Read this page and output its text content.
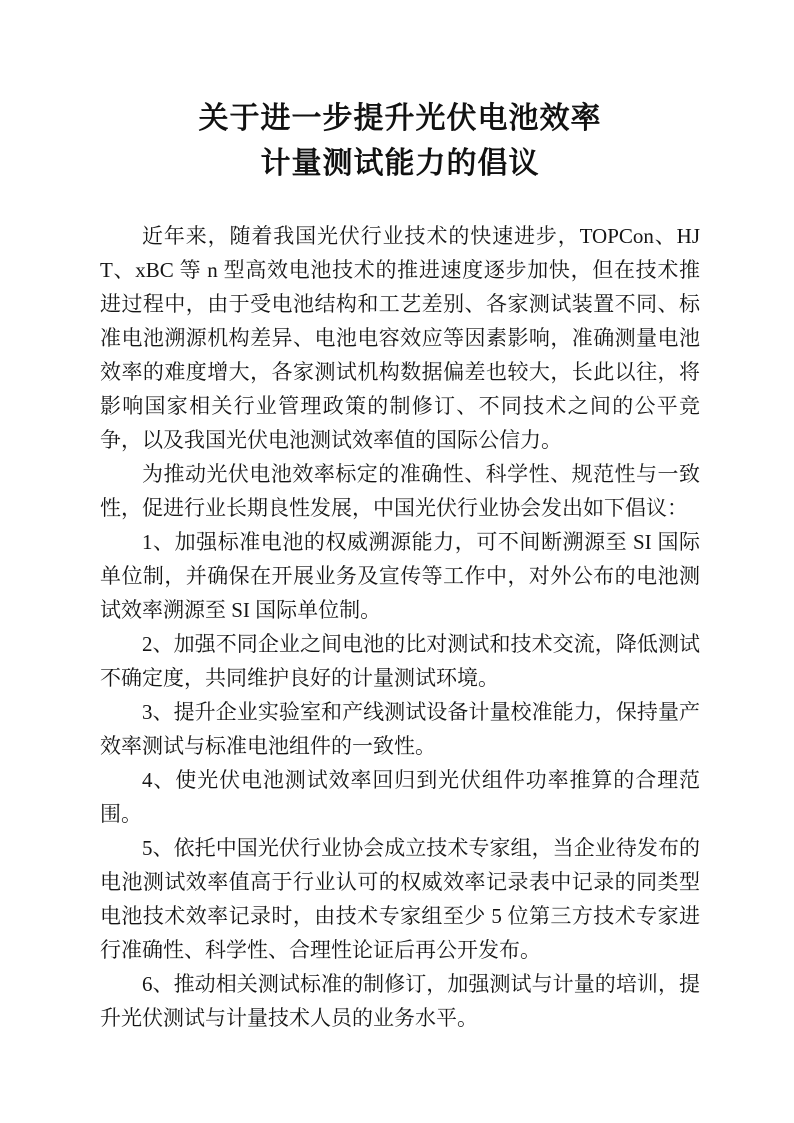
关于进一步提升光伏电池效率
计量测试能力的倡议

近年来，随着我国光伏行业技术的快速进步，TOPCon、HJT、xBC 等 n 型高效电池技术的推进速度逐步加快，但在技术推进过程中，由于受电池结构和工艺差别、各家测试装置不同、标准电池溯源机构差异、电池电容效应等因素影响，准确测量电池效率的难度增大，各家测试机构数据偏差也较大，长此以往，将影响国家相关行业管理政策的制修订、不同技术之间的公平竞争，以及我国光伏电池测试效率值的国际公信力。

为推动光伏电池效率标定的准确性、科学性、规范性与一致性，促进行业长期良性发展，中国光伏行业协会发出如下倡议：

1、加强标准电池的权威溯源能力，可不间断溯源至 SI 国际单位制，并确保在开展业务及宣传等工作中，对外公布的电池测试效率溯源至 SI 国际单位制。

2、加强不同企业之间电池的比对测试和技术交流，降低测试不确定度，共同维护良好的计量测试环境。

3、提升企业实验室和产线测试设备计量校准能力，保持量产效率测试与标准电池组件的一致性。

4、使光伏电池测试效率回归到光伏组件功率推算的合理范围。

5、依托中国光伏行业协会成立技术专家组，当企业待发布的电池测试效率值高于行业认可的权威效率记录表中记录的同类型电池技术效率记录时，由技术专家组至少 5 位第三方技术专家进行准确性、科学性、合理性论证后再公开发布。

6、推动相关测试标准的制修订，加强测试与计量的培训，提升光伏测试与计量技术人员的业务水平。
